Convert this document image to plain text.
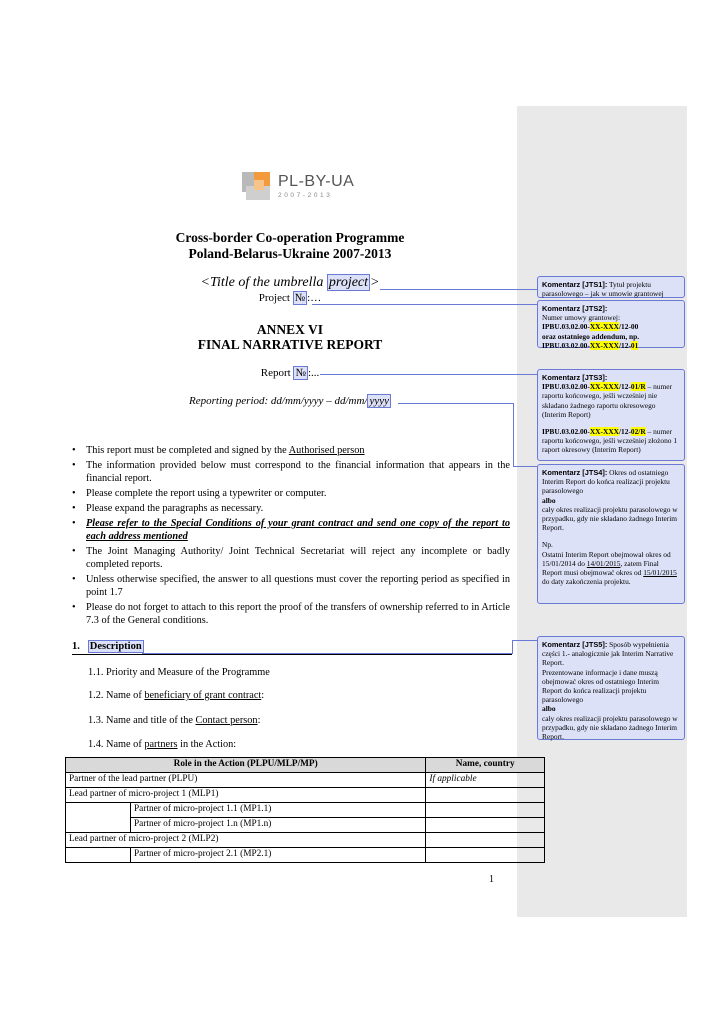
PL-BY-UA
2007-2013
Cross-border Co-operation Programme
Poland-Belarus-Ukraine 2007-2013
<Title of the umbrella project >
Project № :…
ANNEX VI
FINAL NARRATIVE REPORT
Report № :...
Reporting period: dd/mm/yyyy – dd/mm/ yyyy
• This report must be completed and signed by the Authorised person
• The information provided below must correspond to the financial information that appears in the financial report.
• Please complete the report using a typewriter or computer.
• Please expand the paragraphs as necessary.
• Please refer to the Special Conditions of your grant contract and send one copy of the report to each address mentioned
• The Joint Managing Authority/ Joint Technical Secretariat will reject any incomplete or badly completed reports.
• Unless otherwise specified, the answer to all questions must cover the reporting period as specified in point 1.7
• Please do not forget to attach to this report the proof of the transfers of ownership referred to in Article 7.3 of the General conditions.
1. Description
1.1. Priority and Measure of the Programme
1.2. Name of beneficiary of grant contract:
1.3. Name and title of the Contact person:
1.4. Name of partners in the Action:
Role in the Action (PLPU/MLP/MP)		Name, country
Partner of the lead partner (PLPU)		If applicable
Lead partner of micro-project 1 (MLP1)		
	Partner of micro-project 1.1 (MP1.1)	
	Partner of micro-project 1.n (MP1.n)	
Lead partner of micro-project 2 (MLP2)		
	Partner of micro-project 2.1 (MP2.1)	
1
Komentarz [JTS1]: Tytuł projektu parasolowego – jak w umowie grantowej
Komentarz [JTS2]:
Numer umowy grantowej:
IPBU.03.02.00-XX-XXX/12-00
oraz ostatniego addendum, np.
IPBU.03.02.00-XX-XXX/12-01
Komentarz [JTS3]:
IPBU.03.02.00-XX-XXX/12-01/R – numer raportu końcowego, jeśli wcześniej nie składano żadnego raportu okresowego (Interim Report)
IPBU.03.02.00-XX-XXX/12-02/R – numer raportu końcowego, jeśli wcześniej złożono 1 raport okresowy (Interim Report)
Komentarz [JTS4]: Okres od ostatniego Interim Report do końca realizacji projektu parasolowego
albo
cały okres realizacji projektu parasolowego w przypadku, gdy nie składano żadnego Interim Report.
Np.
Ostatni Interim Report obejmował okres od 15/01/2014 do 14/01/2015, zatem Final Report musi obejmować okres od 15/01/2015 do daty zakończenia projektu.
Komentarz [JTS5]: Sposób wypełnienia części 1.- analogicznie jak Interim Narrative Report.
Prezentowane informacje i dane muszą obejmować okres od ostatniego Interim Report do końca realizacji projektu parasolowego
albo
cały okres realizacji projektu parasolowego w przypadku, gdy nie składano żadnego Interim Report.
